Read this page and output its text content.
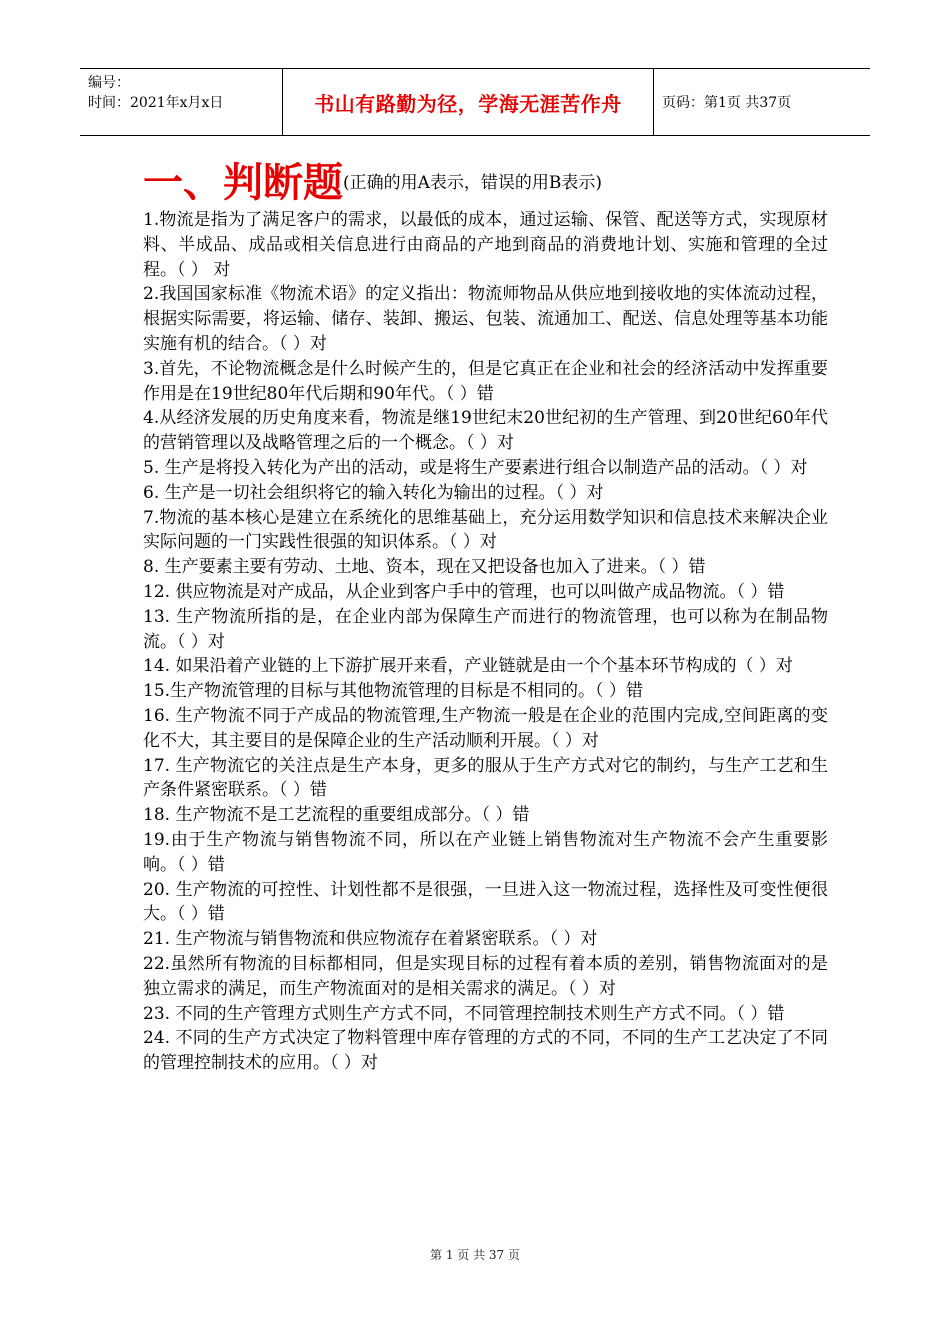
编号：
时间：2021年x月x日	书山有路勤为径，学海无涯苦作舟	页码：第1页 共37页
一、判断题(正确的用A表示，错误的用B表示)

1.物流是指为了满足客户的需求，以最低的成本，通过运输、保管、配送等方式，实现原材料、半成品、成品或相关信息进行由商品的产地到商品的消费地计划、实施和管理的全过程。（ ） 对

2.我国国家标准《物流术语》的定义指出：物流师物品从供应地到接收地的实体流动过程，根据实际需要，将运输、储存、装卸、搬运、包装、流通加工、配送、信息处理等基本功能实施有机的结合。（ ）对

3.首先，不论物流概念是什么时候产生的，但是它真正在企业和社会的经济活动中发挥重要作用是在19世纪80年代后期和90年代。（ ）错

4.从经济发展的历史角度来看，物流是继19世纪末20世纪初的生产管理、到20世纪60年代的营销管理以及战略管理之后的一个概念。（ ）对

5. 生产是将投入转化为产出的活动，或是将生产要素进行组合以制造产品的活动。（ ）对

6. 生产是一切社会组织将它的输入转化为输出的过程。（ ）对

7.物流的基本核心是建立在系统化的思维基础上，充分运用数学知识和信息技术来解决企业实际问题的一门实践性很强的知识体系。（ ）对

8. 生产要素主要有劳动、土地、资本，现在又把设备也加入了进来。（ ）错

12. 供应物流是对产成品，从企业到客户手中的管理，也可以叫做产成品物流。（ ）错

13. 生产物流所指的是，在企业内部为保障生产而进行的物流管理，也可以称为在制品物流。（ ）对

14. 如果沿着产业链的上下游扩展开来看，产业链就是由一个个基本环节构成的（ ）对

15.生产物流管理的目标与其他物流管理的目标是不相同的。（ ）错

16. 生产物流不同于产成品的物流管理,生产物流一般是在企业的范围内完成,空间距离的变化不大，其主要目的是保障企业的生产活动顺利开展。（ ）对

17. 生产物流它的关注点是生产本身，更多的服从于生产方式对它的制约，与生产工艺和生产条件紧密联系。（ ）错

18. 生产物流不是工艺流程的重要组成部分。（ ）错

19.由于生产物流与销售物流不同，所以在产业链上销售物流对生产物流不会产生重要影响。（ ）错

20. 生产物流的可控性、计划性都不是很强，一旦进入这一物流过程，选择性及可变性便很大。（ ）错

21. 生产物流与销售物流和供应物流存在着紧密联系。（ ）对

22.虽然所有物流的目标都相同，但是实现目标的过程有着本质的差别，销售物流面对的是独立需求的满足，而生产物流面对的是相关需求的满足。（ ）对

23. 不同的生产管理方式则生产方式不同，不同管理控制技术则生产方式不同。（ ）错

24. 不同的生产方式决定了物料管理中库存管理的方式的不同，不同的生产工艺决定了不同的管理控制技术的应用。（ ）对

第 1 页 共 37 页
